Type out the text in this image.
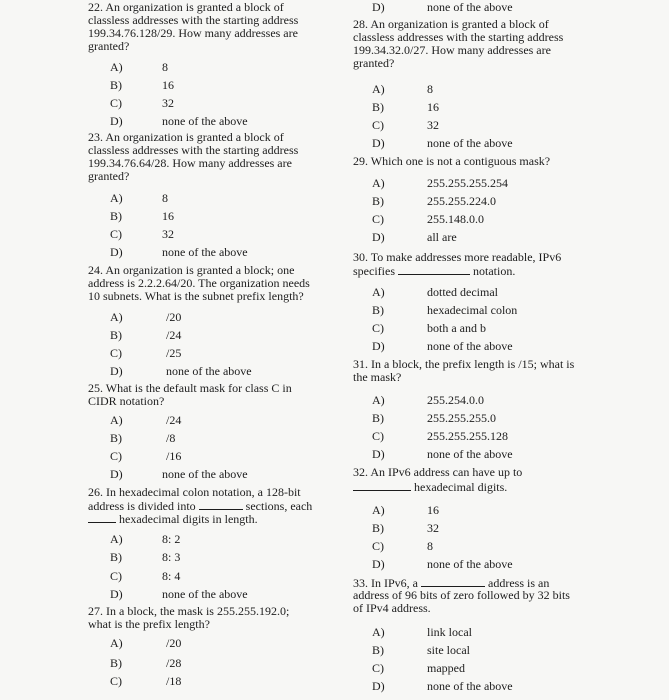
22. An organization is granted a block of
classless addresses with the starting address
199.34.76.128/29. How many addresses are
granted?
A)	8
B)	16
C)	32
D)	none of the above
23. An organization is granted a block of
classless addresses with the starting address
199.34.76.64/28. How many addresses are
granted?
A)	8
B)	16
C)	32
D)	none of the above
24. An organization is granted a block; one
address is 2.2.2.64/20. The organization needs
10 subnets. What is the subnet prefix length?
A)	/20
B)	/24
C)	/25
D)	none of the above
25. What is the default mask for class C in
CIDR notation?
A)	/24
B)	/8
C)	/16
D)	none of the above
26. In hexadecimal colon notation, a 128-bit
address is divided into	sections, each
hexadecimal digits in length.
A)	8: 2
B)	8: 3
C)	8: 4
D)	none of the above
27. In a block, the mask is 255.255.192.0;
what is the prefix length?
A)	/20
B)	/28
C)	/18
D)	none of the above
28. An organization is granted a block of
classless addresses with the starting address
199.34.32.0/27. How many addresses are
granted?
A)	8
B)	16
C)	32
D)	none of the above
29. Which one is not a contiguous mask?
A)	255.255.255.254
B)	255.255.224.0
C)	255.148.0.0
D)	all are
30. To make addresses more readable, IPv6
specifies	notation.
A)	dotted decimal
B)	hexadecimal colon
C)	both a and b
D)	none of the above
31. In a block, the prefix length is /15; what is
the mask?
A)	255.254.0.0
B)	255.255.255.0
C)	255.255.255.128
D)	none of the above
32. An IPv6 address can have up to
hexadecimal digits.
A)	16
B)	32
C)	8
D)	none of the above
33. In IPv6, a	address is an
address of 96 bits of zero followed by 32 bits
of IPv4 address.
A)	link local
B)	site local
C)	mapped
D)	none of the above
